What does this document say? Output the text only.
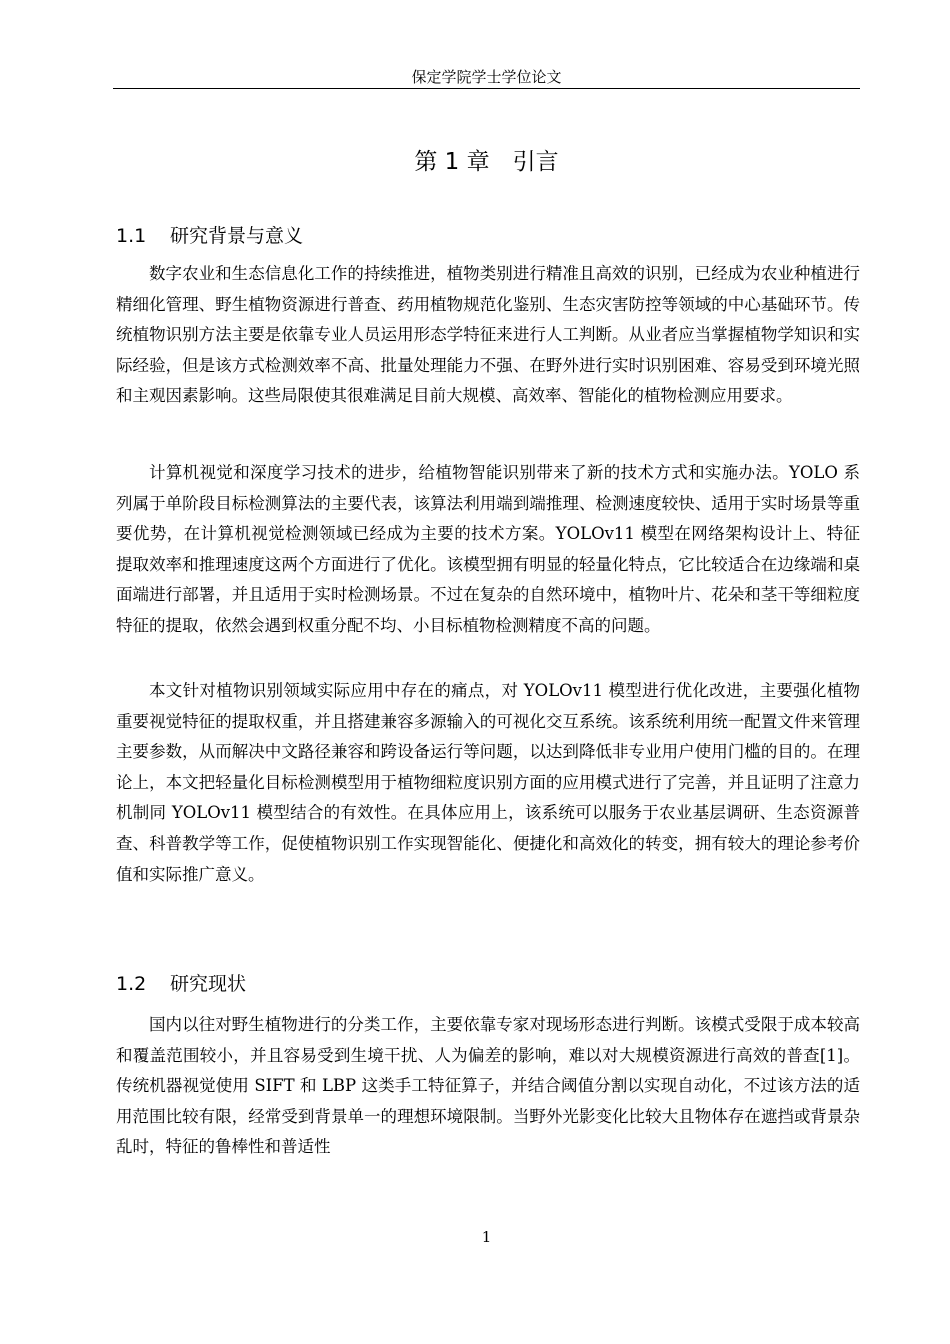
保定学院学士学位论文
第 1 章　引言
1.1 研究背景与意义

数字农业和生态信息化工作的持续推进，植物类别进行精准且高效的识别，已经成为农业种植进行精细化管理、野生植物资源进行普查、药用植物规范化鉴别、生态灾害防控等领域的中心基础环节。传统植物识别方法主要是依靠专业人员运用形态学特征来进行人工判断。从业者应当掌握植物学知识和实际经验，但是该方式检测效率不高、批量处理能力不强、在野外进行实时识别困难、容易受到环境光照和主观因素影响。这些局限使其很难满足目前大规模、高效率、智能化的植物检测应用要求。

计算机视觉和深度学习技术的进步，给植物智能识别带来了新的技术方式和实施办法。YOLO 系列属于单阶段目标检测算法的主要代表，该算法利用端到端推理、检测速度较快、适用于实时场景等重要优势，在计算机视觉检测领域已经成为主要的技术方案。YOLOv11 模型在网络架构设计上、特征提取效率和推理速度这两个方面进行了优化。该模型拥有明显的轻量化特点，它比较适合在边缘端和桌面端进行部署，并且适用于实时检测场景。不过在复杂的自然环境中，植物叶片、花朵和茎干等细粒度特征的提取，依然会遇到权重分配不均、小目标植物检测精度不高的问题。

本文针对植物识别领域实际应用中存在的痛点，对 YOLOv11 模型进行优化改进，主要强化植物重要视觉特征的提取权重，并且搭建兼容多源输入的可视化交互系统。该系统利用统一配置文件来管理主要参数，从而解决中文路径兼容和跨设备运行等问题，以达到降低非专业用户使用门槛的目的。在理论上，本文把轻量化目标检测模型用于植物细粒度识别方面的应用模式进行了完善，并且证明了注意力机制同 YOLOv11 模型结合的有效性。在具体应用上，该系统可以服务于农业基层调研、生态资源普查、科普教学等工作，促使植物识别工作实现智能化、便捷化和高效化的转变，拥有较大的理论参考价值和实际推广意义。

1.2 研究现状

国内以往对野生植物进行的分类工作，主要依靠专家对现场形态进行判断。该模式受限于成本较高和覆盖范围较小，并且容易受到生境干扰、人为偏差的影响，难以对大规模资源进行高效的普查[1]。传统机器视觉使用 SIFT 和 LBP 这类手工特征算子，并结合阈值分割以实现自动化，不过该方法的适用范围比较有限，经常受到背景单一的理想环境限制。当野外光影变化比较大且物体存在遮挡或背景杂乱时，特征的鲁棒性和普适性

1
